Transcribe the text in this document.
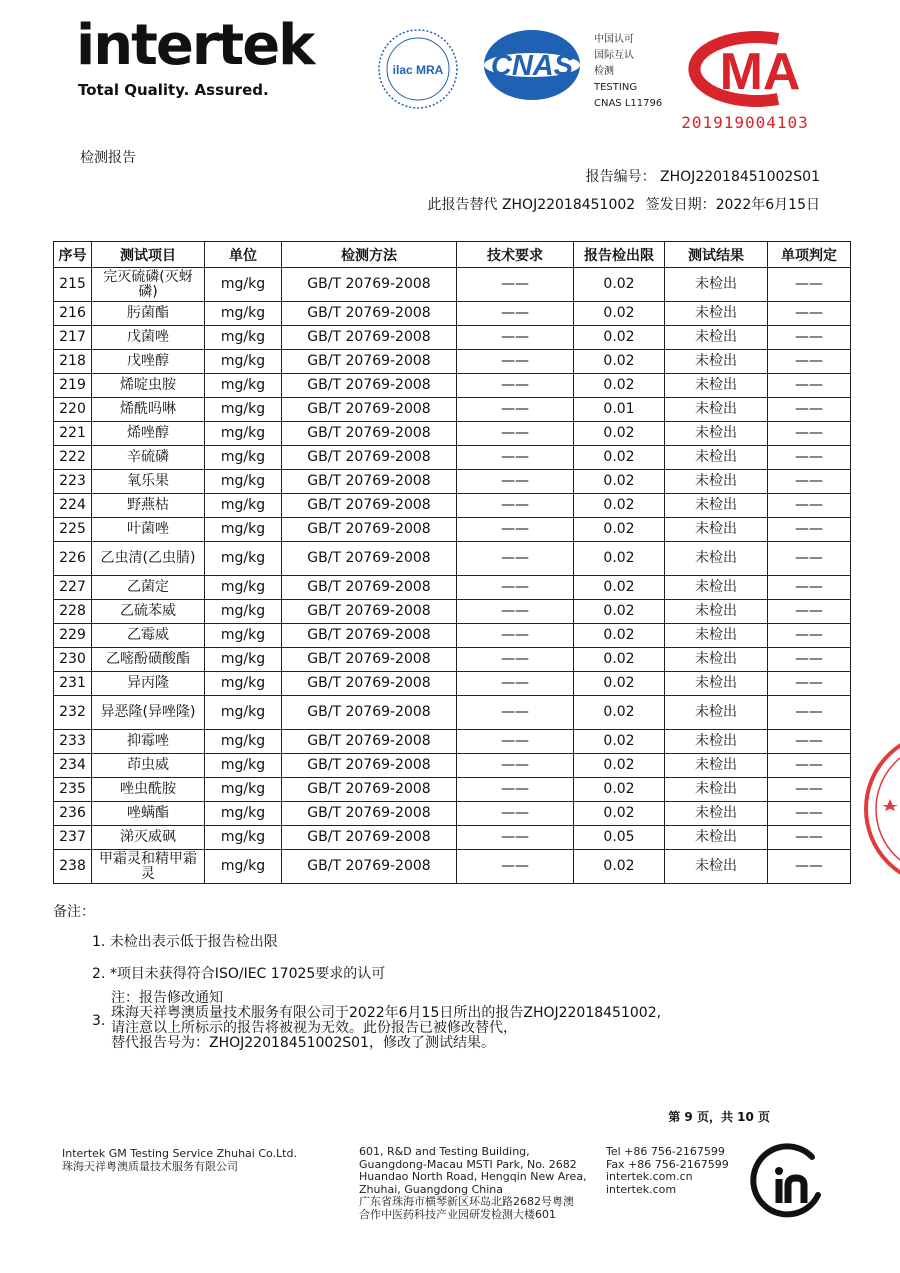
intertek
Total Quality. Assured.
ilac MRA CNAS
中国认可
国际互认
检测
TESTING
CNAS L11796
MA
201919004103
检测报告
报告编号： ZHOJ22018451002S01
此报告替代 ZHOJ22018451002 签发日期：2022年6月15日
序号	测试项目	单位	检测方法	技术要求	报告检出限	测试结果	单项判定
215	完灭硫磷(灭蚜磷)	mg/kg	GB/T 20769-2008	——	0.02	未检出	——
216	肟菌酯	mg/kg	GB/T 20769-2008	——	0.02	未检出	——
217	戊菌唑	mg/kg	GB/T 20769-2008	——	0.02	未检出	——
218	戊唑醇	mg/kg	GB/T 20769-2008	——	0.02	未检出	——
219	烯啶虫胺	mg/kg	GB/T 20769-2008	——	0.02	未检出	——
220	烯酰吗啉	mg/kg	GB/T 20769-2008	——	0.01	未检出	——
221	烯唑醇	mg/kg	GB/T 20769-2008	——	0.02	未检出	——
222	辛硫磷	mg/kg	GB/T 20769-2008	——	0.02	未检出	——
223	氧乐果	mg/kg	GB/T 20769-2008	——	0.02	未检出	——
224	野燕枯	mg/kg	GB/T 20769-2008	——	0.02	未检出	——
225	叶菌唑	mg/kg	GB/T 20769-2008	——	0.02	未检出	——
226	乙虫清(乙虫腈)	mg/kg	GB/T 20769-2008	——	0.02	未检出	——
227	乙菌定	mg/kg	GB/T 20769-2008	——	0.02	未检出	——
228	乙硫苯威	mg/kg	GB/T 20769-2008	——	0.02	未检出	——
229	乙霉威	mg/kg	GB/T 20769-2008	——	0.02	未检出	——
230	乙嘧酚磺酸酯	mg/kg	GB/T 20769-2008	——	0.02	未检出	——
231	异丙隆	mg/kg	GB/T 20769-2008	——	0.02	未检出	——
232	异恶隆(异唑隆)	mg/kg	GB/T 20769-2008	——	0.02	未检出	——
233	抑霉唑	mg/kg	GB/T 20769-2008	——	0.02	未检出	——
234	茚虫威	mg/kg	GB/T 20769-2008	——	0.02	未检出	——
235	唑虫酰胺	mg/kg	GB/T 20769-2008	——	0.02	未检出	——
236	唑螨酯	mg/kg	GB/T 20769-2008	——	0.02	未检出	——
237	涕灭威砜	mg/kg	GB/T 20769-2008	——	0.05	未检出	——
238	甲霜灵和精甲霜灵	mg/kg	GB/T 20769-2008	——	0.02	未检出	——
备注：
1. 未检出表示低于报告检出限
2. *项目未获得符合ISO/IEC 17025要求的认可
3.
注：报告修改通知
珠海天祥粤澳质量技术服务有限公司于2022年6月15日所出的报告ZHOJ22018451002,
请注意以上所标示的报告将被视为无效。此份报告已被修改替代，
替代报告号为：ZHOJ22018451002S01，修改了测试结果。
第 9 页，共 10 页
Intertek GM Testing Service Zhuhai Co.Ltd.
珠海天祥粤澳质量技术服务有限公司
601, R&D and Testing Building,
Guangdong-Macau MSTI Park, No. 2682
Huandao North Road, Hengqin New Area,
Zhuhai, Guangdong China
广东省珠海市横琴新区环岛北路2682号粤澳
合作中医药科技产业园研发检测大楼601
Tel +86 756-2167599
Fax +86 756-2167599
intertek.com.cn
intertek.com
